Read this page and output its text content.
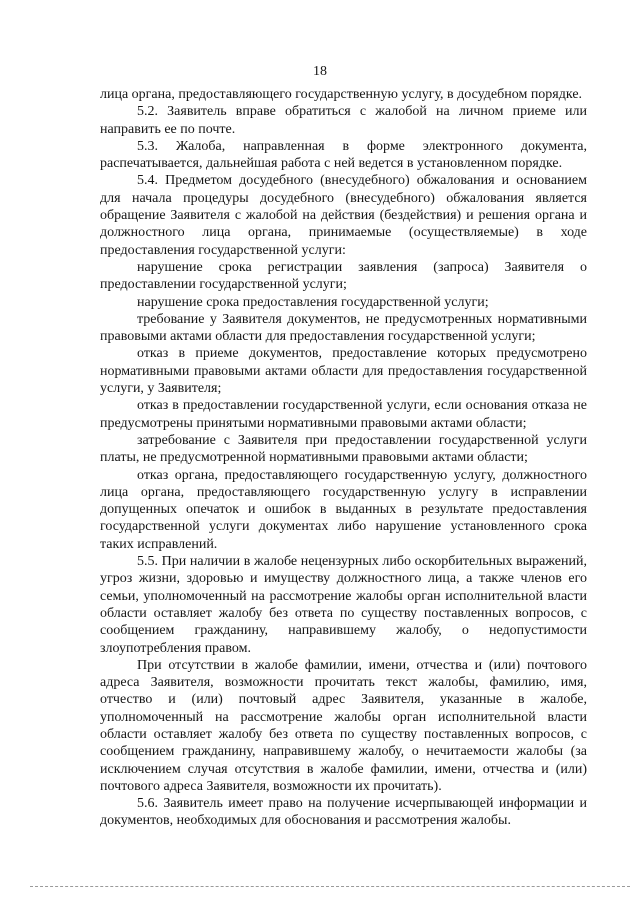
18

лица органа, предоставляющего государственную услугу, в досудебном порядке.

5.2. Заявитель вправе обратиться с жалобой на личном приеме или направить ее по почте.

5.3. Жалоба, направленная в форме электронного документа, распечатывается, дальнейшая работа с ней ведется в установленном порядке.

5.4. Предметом досудебного (внесудебного) обжалования и основанием для начала процедуры досудебного (внесудебного) обжалования является обращение Заявителя с жалобой на действия (бездействия) и решения органа и должностного лица органа, принимаемые (осуществляемые) в ходе предоставления государственной услуги:

нарушение срока регистрации заявления (запроса) Заявителя о предоставлении государственной услуги;

нарушение срока предоставления государственной услуги;

требование у Заявителя документов, не предусмотренных нормативными правовыми актами области для предоставления государственной услуги;

отказ в приеме документов, предоставление которых предусмотрено нормативными правовыми актами области для предоставления государственной услуги, у Заявителя;

отказ в предоставлении государственной услуги, если основания отказа не предусмотрены принятыми нормативными правовыми актами области;

затребование с Заявителя при предоставлении государственной услуги платы, не предусмотренной нормативными правовыми актами области;

отказ органа, предоставляющего государственную услугу, должностного лица органа, предоставляющего государственную услугу в исправлении допущенных опечаток и ошибок в выданных в результате предоставления государственной услуги документах либо нарушение установленного срока таких исправлений.

5.5. При наличии в жалобе нецензурных либо оскорбительных выражений, угроз жизни, здоровью и имуществу должностного лица, а также членов его семьи, уполномоченный на рассмотрение жалобы орган исполнительной власти области оставляет жалобу без ответа по существу поставленных вопросов, с сообщением гражданину, направившему жалобу, о недопустимости злоупотребления правом.

При отсутствии в жалобе фамилии, имени, отчества и (или) почтового адреса Заявителя, возможности прочитать текст жалобы, фамилию, имя, отчество и (или) почтовый адрес Заявителя, указанные в жалобе, уполномоченный на рассмотрение жалобы орган исполнительной власти области оставляет жалобу без ответа по существу поставленных вопросов, с сообщением гражданину, направившему жалобу, о нечитаемости жалобы (за исключением случая отсутствия в жалобе фамилии, имени, отчества и (или) почтового адреса Заявителя, возможности их прочитать).

5.6. Заявитель имеет право на получение исчерпывающей информации и документов, необходимых для обоснования и рассмотрения жалобы.
